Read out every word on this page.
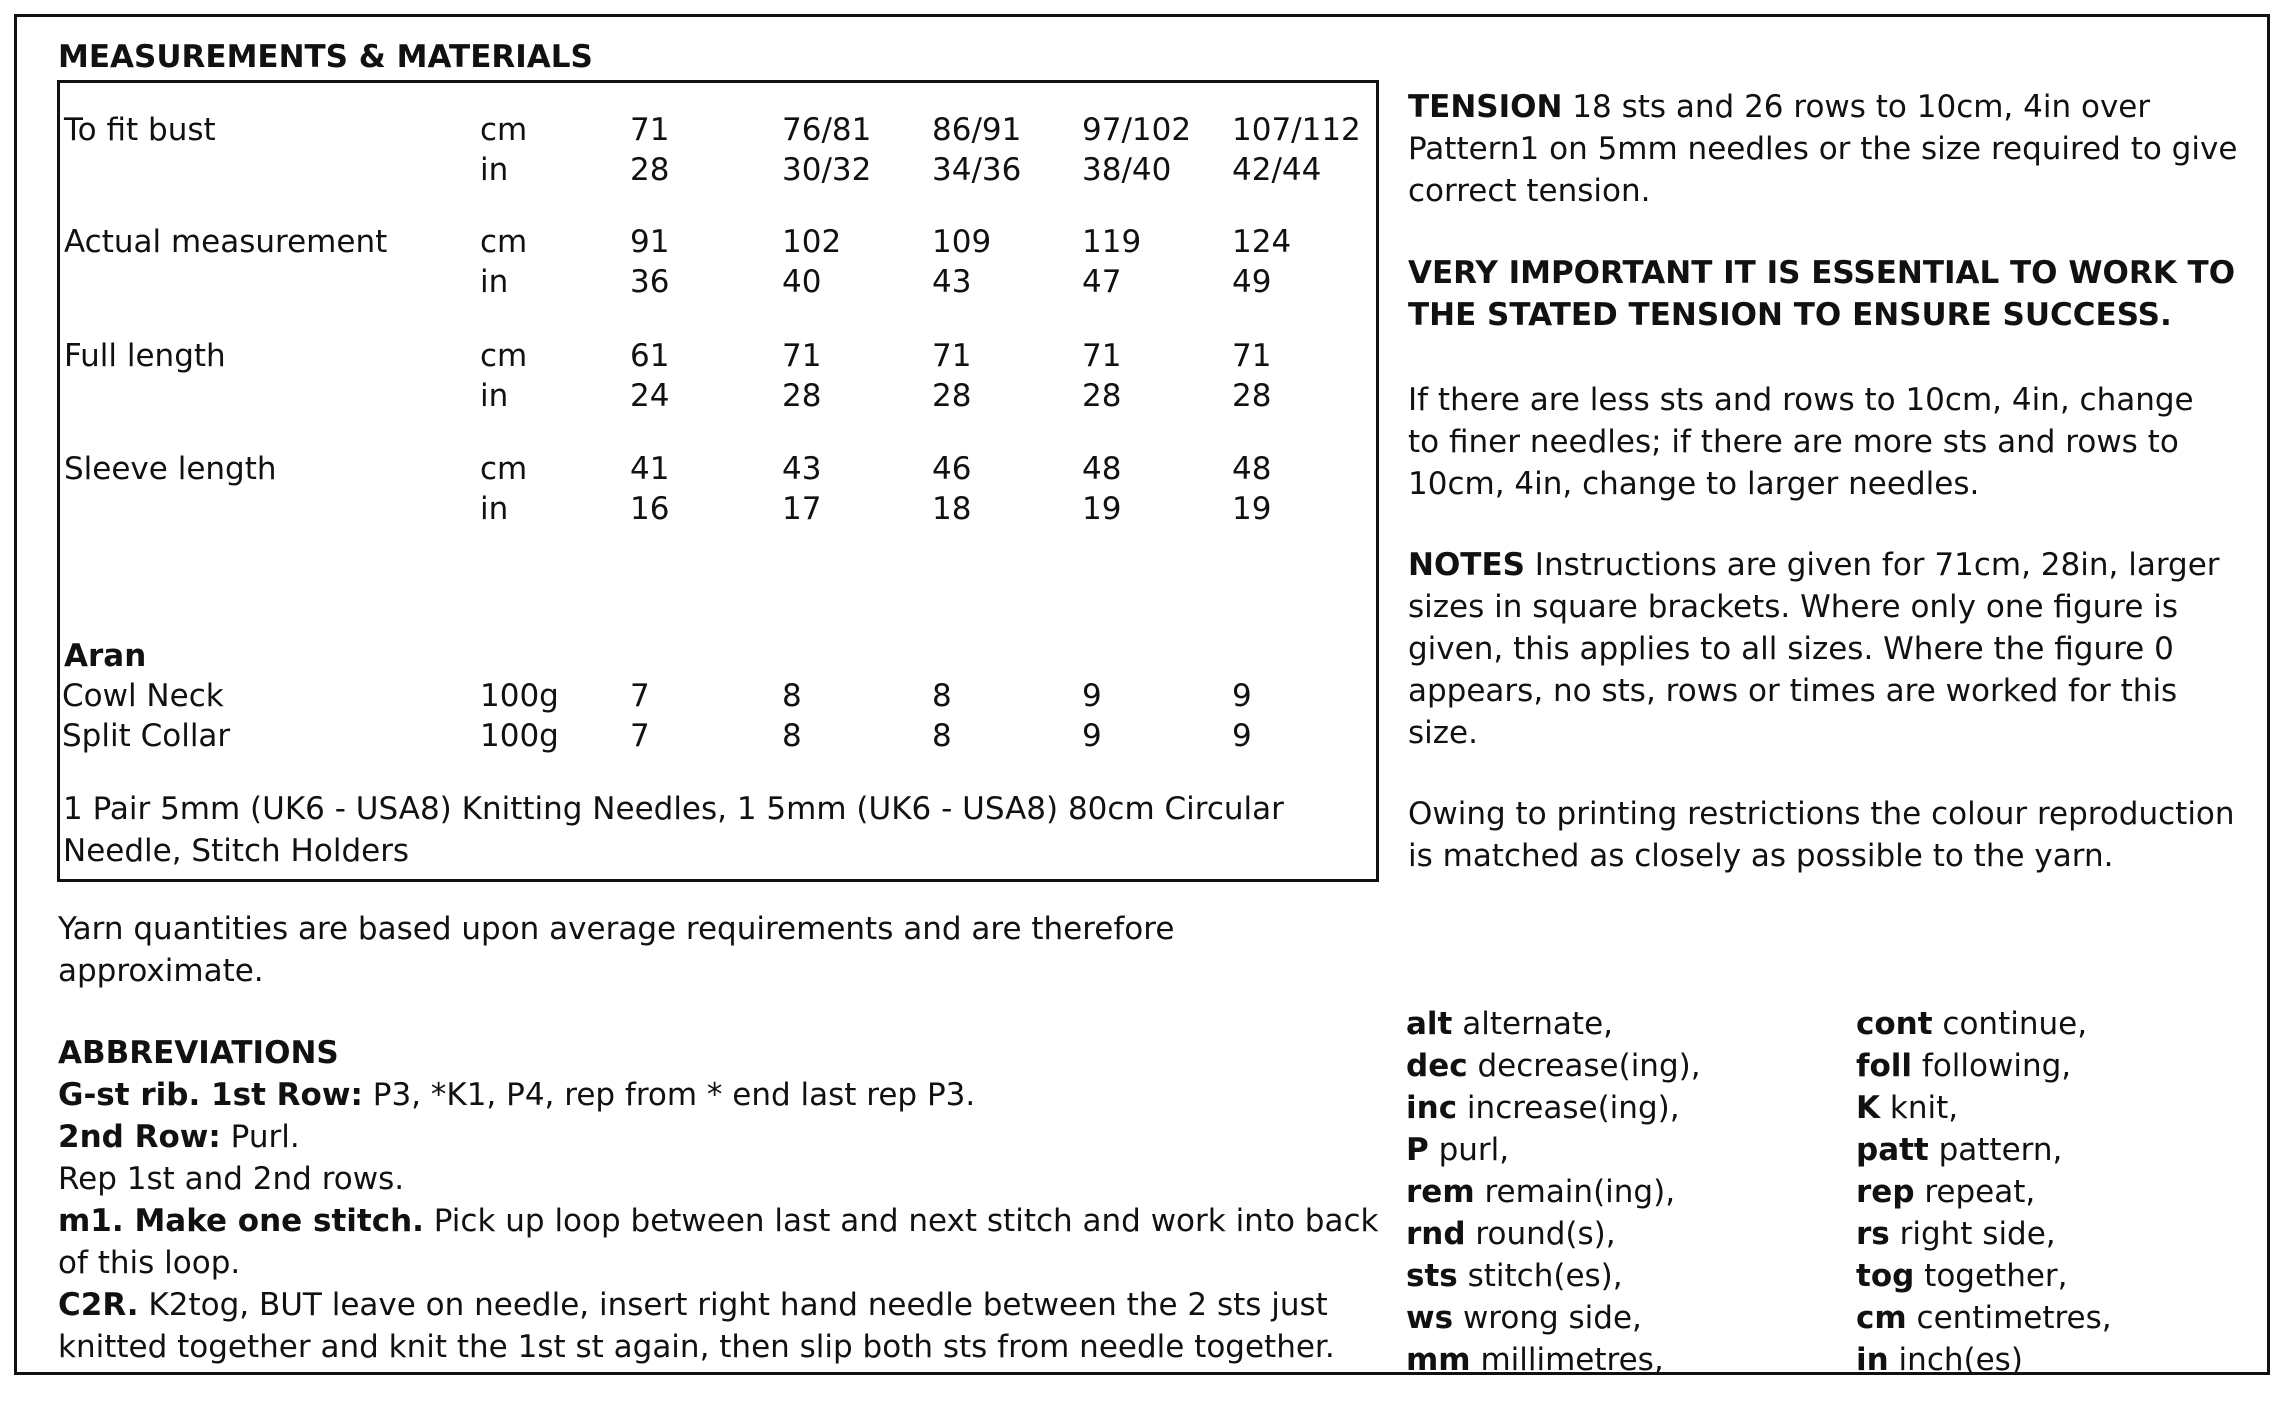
MEASUREMENTS & MATERIALS
To fit bust	cm	71	76/81 86/91 97/102 107/112
in	28	30/32 34/36 38/40 42/44
Actual measurement	cm	91	102	109	119	124
in	36	40	43	47	49
Full length	cm	61	71	71	71	71
in	24	28	28	28	28
Sleeve length	cm	41	43	46	48	48
in	16	17	18	19	19
Aran
Cowl Neck	100g 7	8	8	9	9
Split Collar	100g 7	8	8	9	9
1 Pair 5mm (UK6 - USA8) Knitting Needles, 1 5mm (UK6 - USA8) 80cm Circular
Needle, Stitch Holders
Yarn quantities are based upon average requirements and are therefore
approximate.
ABBREVIATIONS
G-st rib. 1st Row: P3, *K1, P4, rep from * end last rep P3.
2nd Row: Purl.
Rep 1st and 2nd rows.
m1. Make one stitch. Pick up loop between last and next stitch and work into back
of this loop.
C2R. K2tog, BUT leave on needle, insert right hand needle between the 2 sts just
knitted together and knit the 1st st again, then slip both sts from needle together.
TENSION 18 sts and 26 rows to 10cm, 4in over
Pattern1 on 5mm needles or the size required to give
correct tension.
VERY IMPORTANT IT IS ESSENTIAL TO WORK TO
THE STATED TENSION TO ENSURE SUCCESS.
If there are less sts and rows to 10cm, 4in, change
to finer needles; if there are more sts and rows to
10cm, 4in, change to larger needles.
NOTES Instructions are given for 71cm, 28in, larger
sizes in square brackets. Where only one figure is
given, this applies to all sizes. Where the figure 0
appears, no sts, rows or times are worked for this
size.
Owing to printing restrictions the colour reproduction
is matched as closely as possible to the yarn.
alt alternate,
dec decrease(ing),
inc increase(ing),
P purl,
rem remain(ing),
rnd round(s),
sts stitch(es),
ws wrong side,
mm millimetres,
cont continue,
foll following,
K knit,
patt pattern,
rep repeat,
rs right side,
tog together,
cm centimetres,
in inch(es)
